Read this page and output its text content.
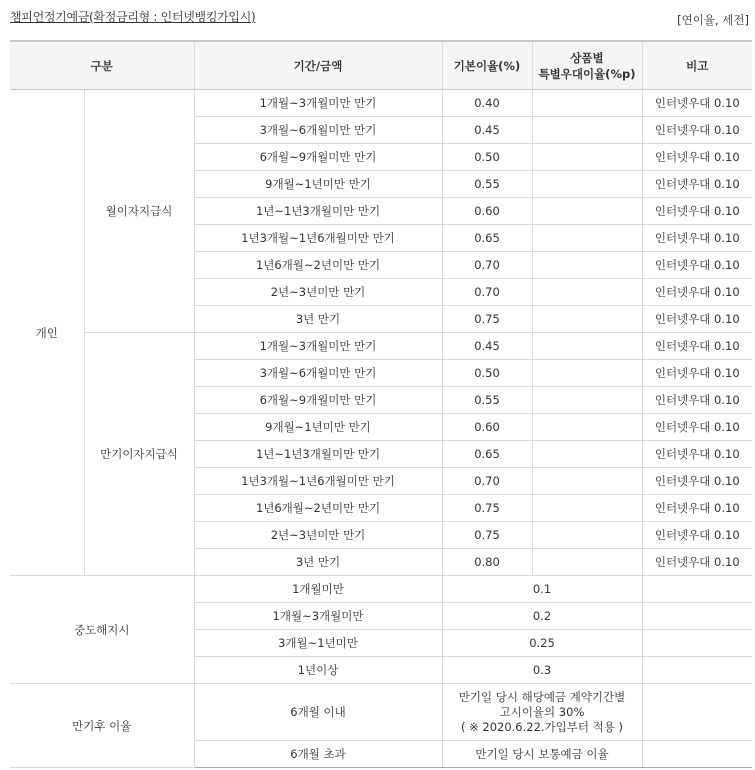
챔피언정기예금(확정금리형 : 인터넷뱅킹가입시)	[연이율, 세전]
구분		기간/금액	기본이율(%)	상품별
특별우대이율(%p)	비고
개인	월이자지급식	1개월~3개월미만 만기	0.40		인터넷우대 0.10
		3개월~6개월미만 만기	0.45		인터넷우대 0.10
		6개월~9개월미만 만기	0.50		인터넷우대 0.10
		9개월~1년미만 만기	0.55		인터넷우대 0.10
		1년~1년3개월미만 만기	0.60		인터넷우대 0.10
		1년3개월~1년6개월미만 만기	0.65		인터넷우대 0.10
		1년6개월~2년미만 만기	0.70		인터넷우대 0.10
		2년~3년미만 만기	0.70		인터넷우대 0.10
		3년 만기	0.75		인터넷우대 0.10
	만기이자지급식	1개월~3개월미만 만기	0.45		인터넷우대 0.10
		3개월~6개월미만 만기	0.50		인터넷우대 0.10
		6개월~9개월미만 만기	0.55		인터넷우대 0.10
		9개월~1년미만 만기	0.60		인터넷우대 0.10
		1년~1년3개월미만 만기	0.65		인터넷우대 0.10
		1년3개월~1년6개월미만 만기	0.70		인터넷우대 0.10
		1년6개월~2년미만 만기	0.75		인터넷우대 0.10
		2년~3년미만 만기	0.75		인터넷우대 0.10
		3년 만기	0.80		인터넷우대 0.10
중도해지시		1개월미만	0.1		
		1개월~3개월미만	0.2		
		3개월~1년미만	0.25		
		1년이상	0.3		
만기후 이율		6개월 이내	만기일 당시 해당예금 계약기간별
고시이율의 30%
( ※ 2020.6.22.가입부터 적용 )		

		6개월 초과	만기일 당시 보통예금 이율		
